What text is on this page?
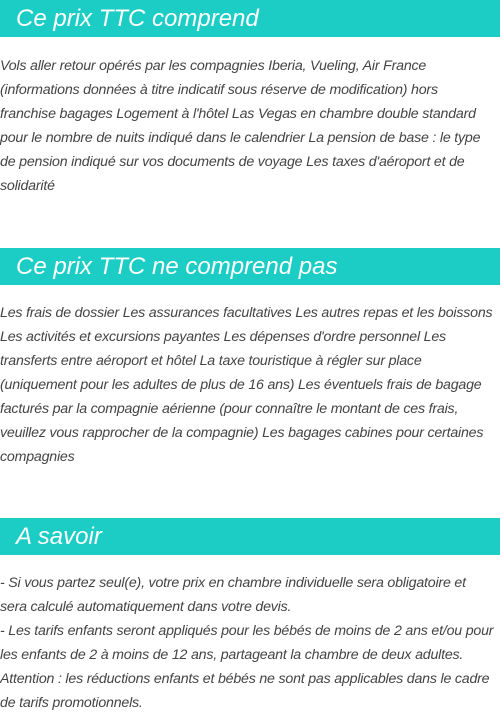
Ce prix TTC comprend

Vols aller retour opérés par les compagnies Iberia, Vueling, Air France
(informations données à titre indicatif sous réserve de modification) hors
franchise bagages Logement à l'hôtel Las Vegas en chambre double standard
pour le nombre de nuits indiqué dans le calendrier La pension de base : le type
de pension indiqué sur vos documents de voyage Les taxes d'aéroport et de
solidarité

Ce prix TTC ne comprend pas

Les frais de dossier Les assurances facultatives Les autres repas et les boissons
Les activités et excursions payantes Les dépenses d'ordre personnel Les
transferts entre aéroport et hôtel La taxe touristique à régler sur place
(uniquement pour les adultes de plus de 16 ans) Les éventuels frais de bagage
facturés par la compagnie aérienne (pour connaître le montant de ces frais,
veuillez vous rapprocher de la compagnie) Les bagages cabines pour certaines
compagnies

A savoir

- Si vous partez seul(e), votre prix en chambre individuelle sera obligatoire et
sera calculé automatiquement dans votre devis.
- Les tarifs enfants seront appliqués pour les bébés de moins de 2 ans et/ou pour
les enfants de 2 à moins de 12 ans, partageant la chambre de deux adultes.
Attention : les réductions enfants et bébés ne sont pas applicables dans le cadre
de tarifs promotionnels.
